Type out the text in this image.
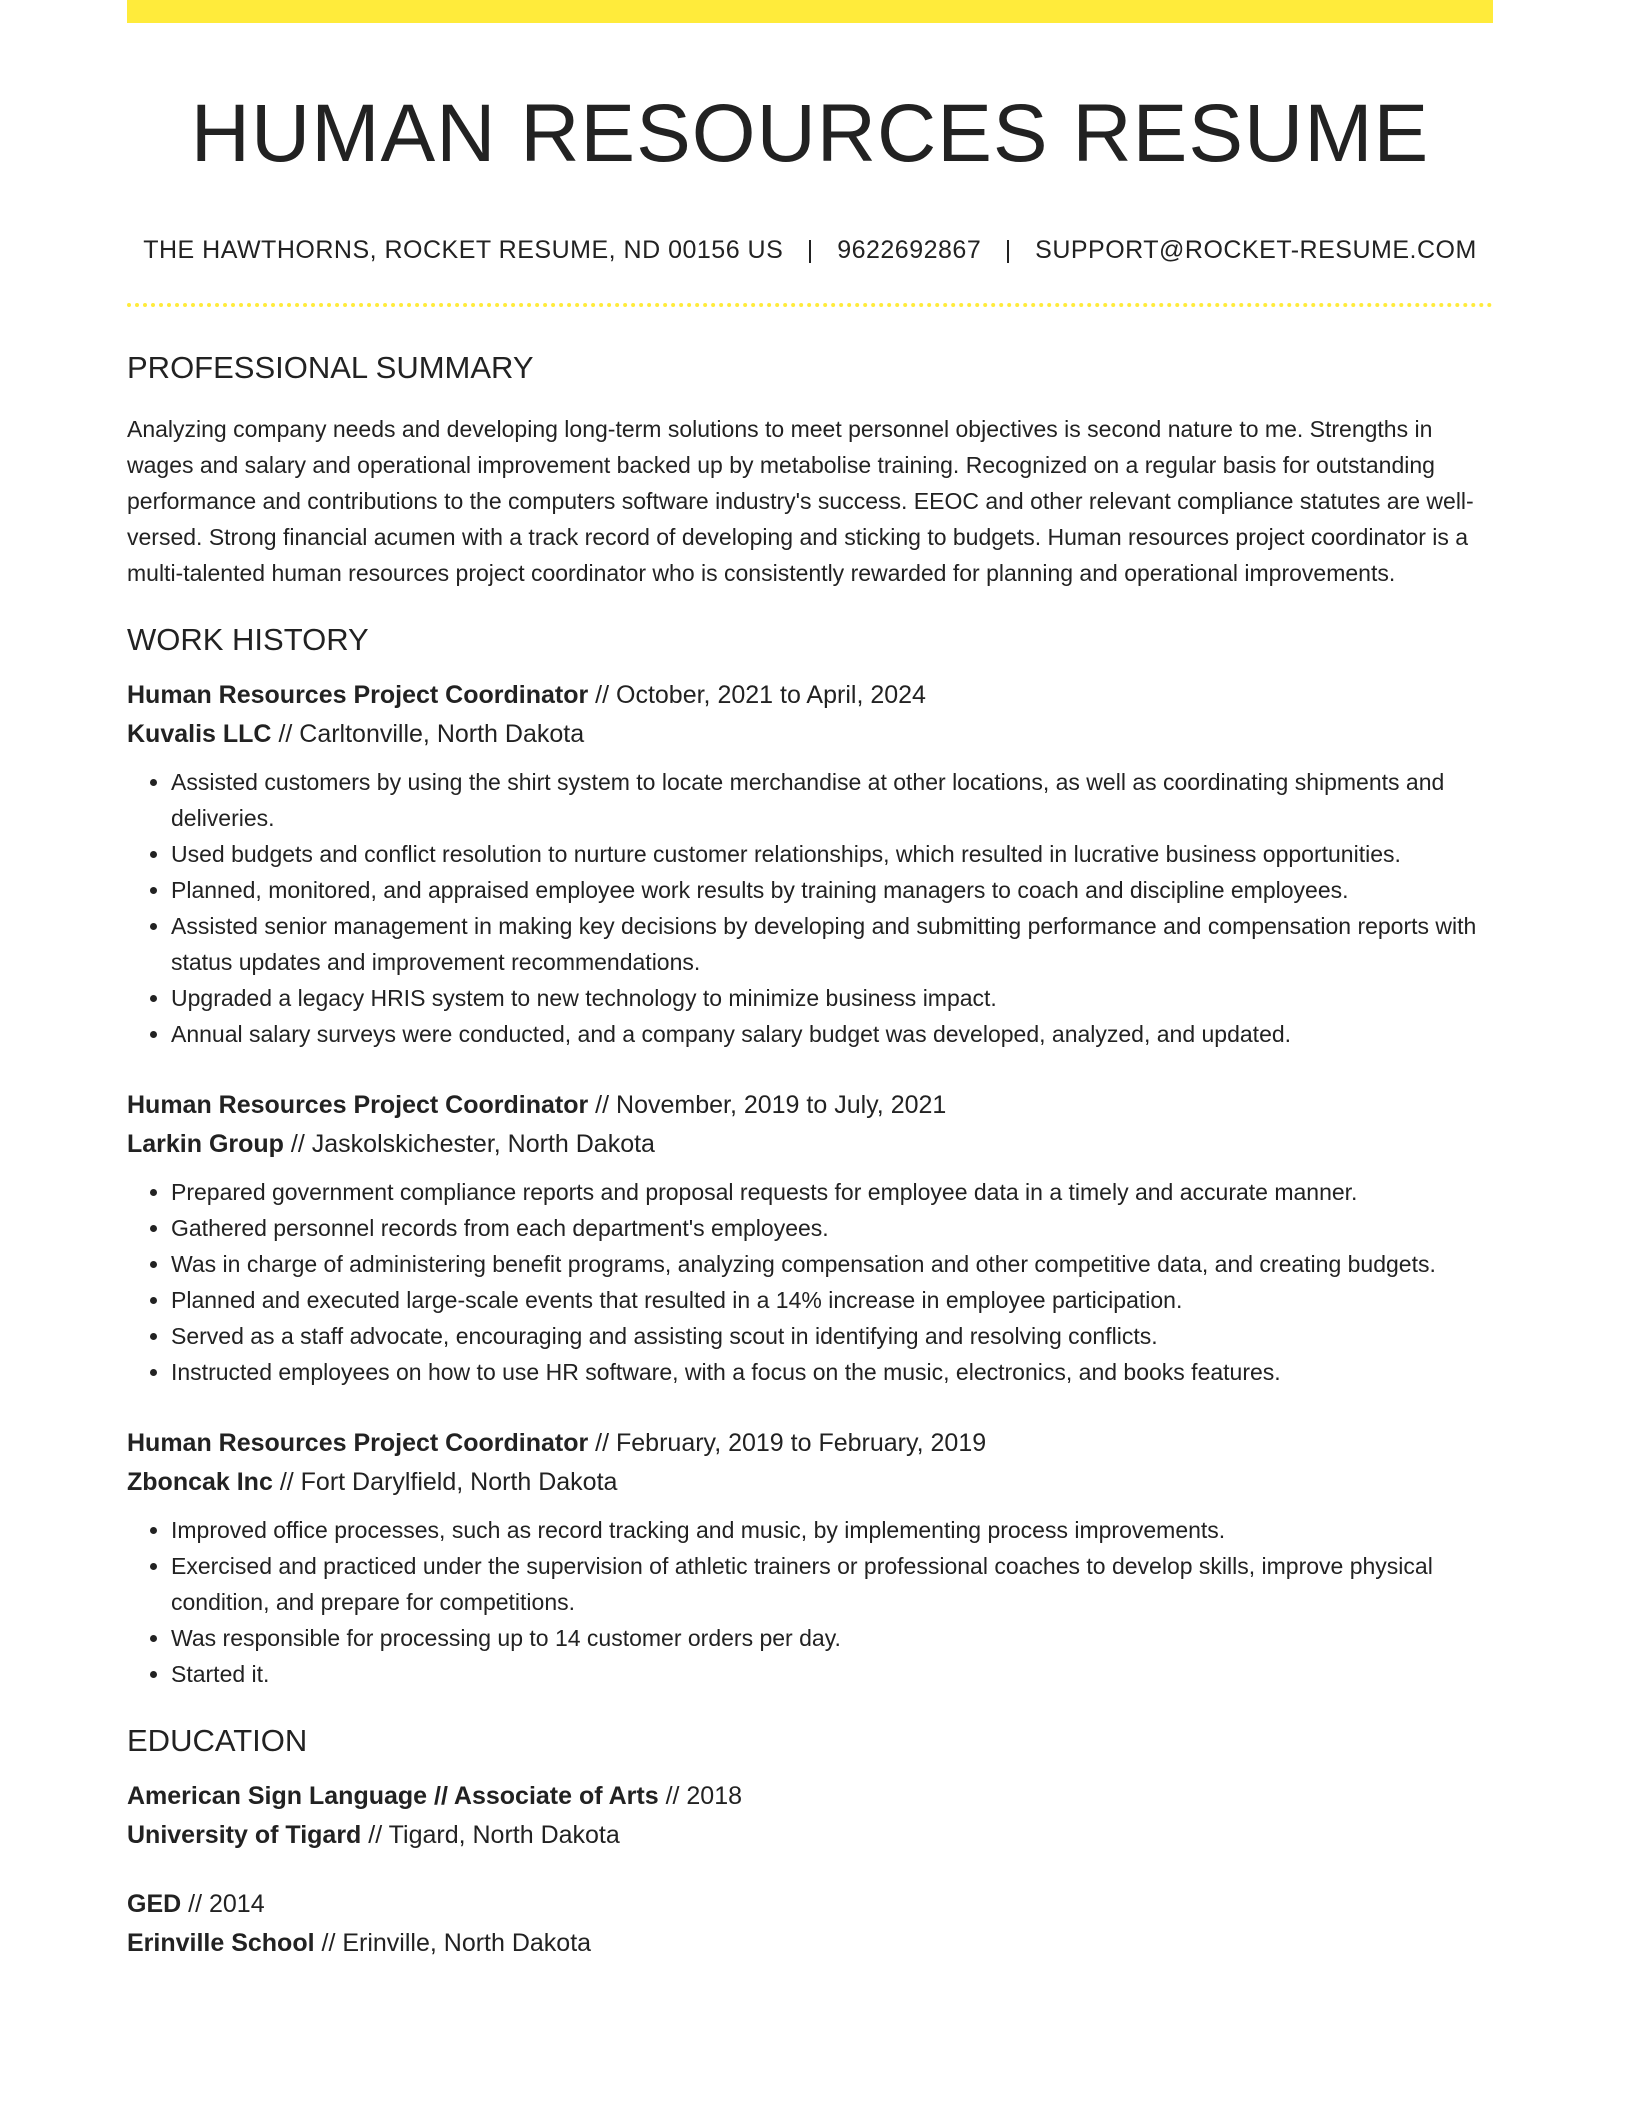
HUMAN RESOURCES RESUME
THE HAWTHORNS, ROCKET RESUME, ND 00156 US | 9622692867 | SUPPORT@ROCKET-RESUME.COM
PROFESSIONAL SUMMARY

Analyzing company needs and developing long-term solutions to meet personnel objectives is second nature to me. Strengths in wages and salary and operational improvement backed up by metabolise training. Recognized on a regular basis for outstanding performance and contributions to the computers software industry's success. EEOC and other relevant compliance statutes are well-versed. Strong financial acumen with a track record of developing and sticking to budgets. Human resources project coordinator is a multi-talented human resources project coordinator who is consistently rewarded for planning and operational improvements.

WORK HISTORY
Human Resources Project Coordinator // October, 2021 to April, 2024
Kuvalis LLC // Carltonville, North Dakota
• Assisted customers by using the shirt system to locate merchandise at other locations, as well as coordinating shipments and deliveries.
• Used budgets and conflict resolution to nurture customer relationships, which resulted in lucrative business opportunities.
• Planned, monitored, and appraised employee work results by training managers to coach and discipline employees.
• Assisted senior management in making key decisions by developing and submitting performance and compensation reports with status updates and improvement recommendations.
• Upgraded a legacy HRIS system to new technology to minimize business impact.
• Annual salary surveys were conducted, and a company salary budget was developed, analyzed, and updated.
Human Resources Project Coordinator // November, 2019 to July, 2021
Larkin Group // Jaskolskichester, North Dakota
• Prepared government compliance reports and proposal requests for employee data in a timely and accurate manner.
• Gathered personnel records from each department's employees.
• Was in charge of administering benefit programs, analyzing compensation and other competitive data, and creating budgets.
• Planned and executed large-scale events that resulted in a 14% increase in employee participation.
• Served as a staff advocate, encouraging and assisting scout in identifying and resolving conflicts.
• Instructed employees on how to use HR software, with a focus on the music, electronics, and books features.
Human Resources Project Coordinator // February, 2019 to February, 2019
Zboncak Inc // Fort Darylfield, North Dakota
• Improved office processes, such as record tracking and music, by implementing process improvements.
• Exercised and practiced under the supervision of athletic trainers or professional coaches to develop skills, improve physical condition, and prepare for competitions.
• Was responsible for processing up to 14 customer orders per day.
• Started it.
EDUCATION
American Sign Language // Associate of Arts // 2018
University of Tigard // Tigard, North Dakota
GED // 2014
Erinville School // Erinville, North Dakota
